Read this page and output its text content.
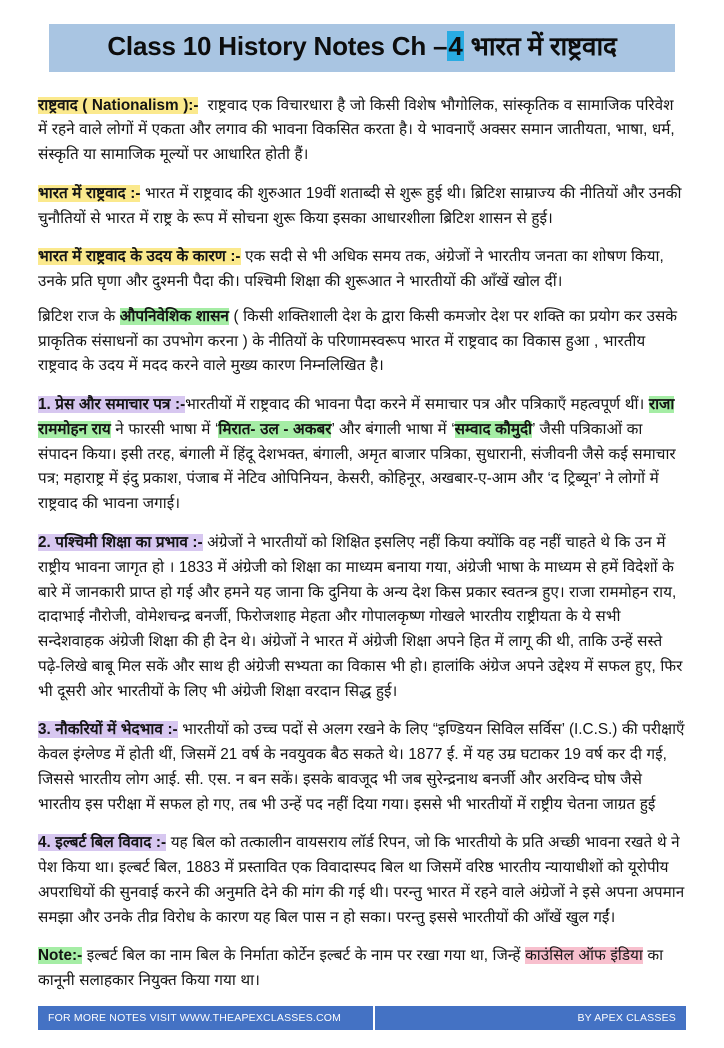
Class 10 History Notes Ch –4 भारत में राष्ट्रवाद

राष्ट्रवाद ( Nationalism ):- राष्ट्रवाद एक विचारधारा है जो किसी विशेष भौगोलिक, सांस्कृतिक व सामाजिक परिवेश में रहने वाले लोगों में एकता और लगाव की भावना विकसित करता है। ये भावनाएँ अक्सर समान जातीयता, भाषा, धर्म, संस्कृति या सामाजिक मूल्यों पर आधारित होती हैं।

भारत में राष्ट्रवाद :- भारत में राष्ट्रवाद की शुरुआत 19वीं शताब्दी से शुरू हुई थी। ब्रिटिश साम्राज्य की नीतियों और उनकी चुनौतियों से भारत में राष्ट्र के रूप में सोचना शुरू किया इसका आधारशीला ब्रिटिश शासन से हुई।

भारत में राष्ट्रवाद के उदय के कारण :- एक सदी से भी अधिक समय तक, अंग्रेजों ने भारतीय जनता का शोषण किया, उनके प्रति घृणा और दुश्मनी पैदा की। पश्चिमी शिक्षा की शुरूआत ने भारतीयों की आँखें खोल दीं।

ब्रिटिश राज के औपनिवेशिक शासन ( किसी शक्तिशाली देश के द्वारा किसी कमजोर देश पर शक्ति का प्रयोग कर उसके प्राकृतिक संसाधनों का उपभोग करना ) के नीतियों के परिणामस्वरूप भारत में राष्ट्रवाद का विकास हुआ , भारतीय राष्ट्रवाद के उदय में मदद करने वाले मुख्य कारण निम्नलिखित है।

1. प्रेस और समाचार पत्र :-भारतीयों में राष्ट्रवाद की भावना पैदा करने में समाचार पत्र और पत्रिकाएँ महत्वपूर्ण थीं। राजा राममोहन राय ने फारसी भाषा में ‘मिरात- उल - अकबर’ और बंगाली भाषा में ‘सम्वाद कौमुदी’ जैसी पत्रिकाओं का संपादन किया। इसी तरह, बंगाली में हिंदू देशभक्त, बंगाली, अमृत बाजार पत्रिका, सुधारानी, संजीवनी जैसे कई समाचार पत्र; महाराष्ट्र में इंदु प्रकाश, पंजाब में नेटिव ओपिनियन, केसरी, कोहिनूर, अखबार-ए-आम और ‘द ट्रिब्यून’ ने लोगों में राष्ट्रवाद की भावना जगाई।

2. पश्चिमी शिक्षा का प्रभाव :- अंग्रेजों ने भारतीयों को शिक्षित इसलिए नहीं किया क्योंकि वह नहीं चाहते थे कि उन में राष्ट्रीय भावना जागृत हो । 1833 में अंग्रेजी को शिक्षा का माध्यम बनाया गया, अंग्रेजी भाषा के माध्यम से हमें विदेशों के बारे में जानकारी प्राप्त हो गई और हमने यह जाना कि दुनिया के अन्य देश किस प्रकार स्वतन्त्र हुए। राजा राममोहन राय, दादाभाई नौरोजी, वोमेशचन्द्र बनर्जी, फिरोजशाह मेहता और गोपालकृष्ण गोखले भारतीय राष्ट्रीयता के ये सभी सन्देशवाहक अंग्रेजी शिक्षा की ही देन थे। अंग्रेजों ने भारत में अंग्रेजी शिक्षा अपने हित में लागू की थी, ताकि उन्हें सस्ते पढ़े-लिखे बाबू मिल सकें और साथ ही अंग्रेजी सभ्यता का विकास भी हो। हालांकि अंग्रेज अपने उद्देश्य में सफल हुए, फिर भी दूसरी ओर भारतीयों के लिए भी अंग्रेजी शिक्षा वरदान सिद्ध हुई।

3. नौकरियों में भेदभाव :- भारतीयों को उच्च पदों से अलग रखने के लिए “इण्डियन सिविल सर्विस’ (I.C.S.) की परीक्षाएँ केवल इंग्लेण्ड में होती थीं, जिसमें 21 वर्ष के नवयुवक बैठ सकते थे। 1877 ई. में यह उम्र घटाकर 19 वर्ष कर दी गई, जिससे भारतीय लोग आई. सी. एस. न बन सकें। इसके बावजूद भी जब सुरेन्द्रनाथ बनर्जी और अरविन्द घोष जैसे भारतीय इस परीक्षा में सफल हो गए, तब भी उन्हें पद नहीं दिया गया। इससे भी भारतीयों में राष्ट्रीय चेतना जाग्रत हुई

4. इल्बर्ट बिल विवाद :- यह बिल को तत्कालीन वायसराय लॉर्ड रिपन, जो कि भारतीयो के प्रति अच्छी भावना रखते थे ने पेश किया था। इल्बर्ट बिल, 1883 में प्रस्तावित एक विवादास्पद बिल था जिसमें वरिष्ठ भारतीय न्यायाधीशों को यूरोपीय अपराधियों की सुनवाई करने की अनुमति देने की मांग की गई थी। परन्तु भारत में रहने वाले अंग्रेजों ने इसे अपना अपमान समझा और उनके तीव्र विरोध के कारण यह बिल पास न हो सका। परन्तु इससे भारतीयों की आँखें खुल गईं।

Note:- इल्बर्ट बिल का नाम बिल के निर्माता कोर्टेन इल्बर्ट के नाम पर रखा गया था, जिन्हें काउंसिल ऑफ इंडिया का कानूनी सलाहकार नियुक्त किया गया था।

FOR MORE NOTES VISIT WWW.THEAPEXCLASSES.COM	BY APEX CLASSES
